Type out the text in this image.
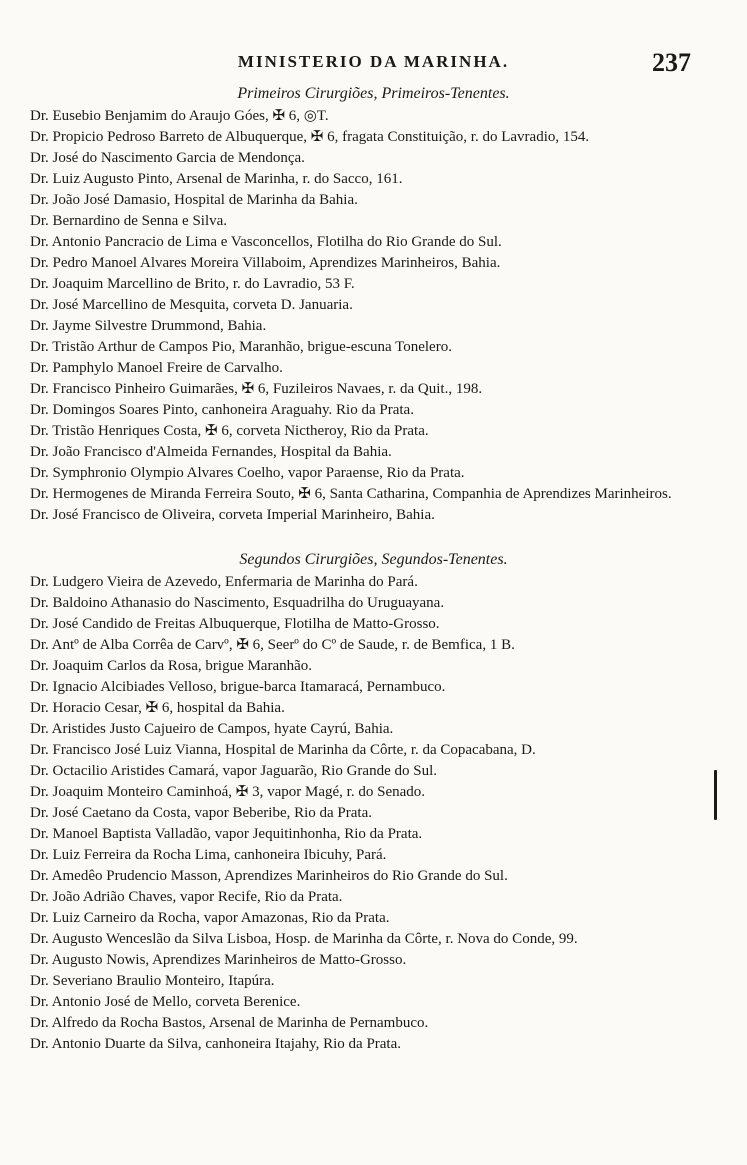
MINISTERIO DA MARINHA.	237
Primeiros Cirurgiões, Primeiros-Tenentes.
Dr. Eusebio Benjamim do Araujo Góes, ✠ 6, ◎T.
Dr. Propicio Pedroso Barreto de Albuquerque, ✠ 6, fragata Constituição, r. do Lavradio, 154.
Dr. José do Nascimento Garcia de Mendonça.
Dr. Luiz Augusto Pinto, Arsenal de Marinha, r. do Sacco, 161.
Dr. João José Damasio, Hospital de Marinha da Bahia.
Dr. Bernardino de Senna e Silva.
Dr. Antonio Pancracio de Lima e Vasconcellos, Flotilha do Rio Grande do Sul.
Dr. Pedro Manoel Alvares Moreira Villaboim, Aprendizes Marinheiros, Bahia.
Dr. Joaquim Marcellino de Brito, r. do Lavradio, 53 F.
Dr. José Marcellino de Mesquita, corveta D. Januaria.
Dr. Jayme Silvestre Drummond, Bahia.
Dr. Tristão Arthur de Campos Pio, Maranhão, brigue-escuna Tonelero.
Dr. Pamphylo Manoel Freire de Carvalho.
Dr. Francisco Pinheiro Guimarães, ✠ 6, Fuzileiros Navaes, r. da Quit., 198.
Dr. Domingos Soares Pinto, canhoneira Araguahy. Rio da Prata.
Dr. Tristão Henriques Costa, ✠ 6, corveta Nictheroy, Rio da Prata.
Dr. João Francisco d'Almeida Fernandes, Hospital da Bahia.
Dr. Symphronio Olympio Alvares Coelho, vapor Paraense, Rio da Prata.
Dr. Hermogenes de Miranda Ferreira Souto, ✠ 6, Santa Catharina, Companhia de Aprendizes Marinheiros.
Dr. José Francisco de Oliveira, corveta Imperial Marinheiro, Bahia.
Segundos Cirurgiões, Segundos-Tenentes.
Dr. Ludgero Vieira de Azevedo, Enfermaria de Marinha do Pará.
Dr. Baldoino Athanasio do Nascimento, Esquadrilha do Uruguayana.
Dr. José Candido de Freitas Albuquerque, Flotilha de Matto-Grosso.
Dr. Antº de Alba Corrêa de Carvº, ✠ 6, Seerº do Cº de Saude, r. de Bemfica, 1 B.
Dr. Joaquim Carlos da Rosa, brigue Maranhão.
Dr. Ignacio Alcibiades Velloso, brigue-barca Itamaracá, Pernambuco.
Dr. Horacio Cesar, ✠ 6, hospital da Bahia.
Dr. Aristides Justo Cajueiro de Campos, hyate Cayrú, Bahia.
Dr. Francisco José Luiz Vianna, Hospital de Marinha da Côrte, r. da Copacabana, D.
Dr. Octacilio Aristides Camará, vapor Jaguarão, Rio Grande do Sul.
Dr. Joaquim Monteiro Caminhoá, ✠ 3, vapor Magé, r. do Senado.
Dr. José Caetano da Costa, vapor Beberibe, Rio da Prata.
Dr. Manoel Baptista Valladão, vapor Jequitinhonha, Rio da Prata.
Dr. Luiz Ferreira da Rocha Lima, canhoneira Ibicuhy, Pará.
Dr. Amedêo Prudencio Masson, Aprendizes Marinheiros do Rio Grande do Sul.
Dr. João Adrião Chaves, vapor Recife, Rio da Prata.
Dr. Luiz Carneiro da Rocha, vapor Amazonas, Rio da Prata.
Dr. Augusto Wenceslão da Silva Lisboa, Hosp. de Marinha da Côrte, r. Nova do Conde, 99.
Dr. Augusto Nowis, Aprendizes Marinheiros de Matto-Grosso.
Dr. Severiano Braulio Monteiro, Itapúra.
Dr. Antonio José de Mello, corveta Berenice.
Dr. Alfredo da Rocha Bastos, Arsenal de Marinha de Pernambuco.
Dr. Antonio Duarte da Silva, canhoneira Itajahy, Rio da Prata.
